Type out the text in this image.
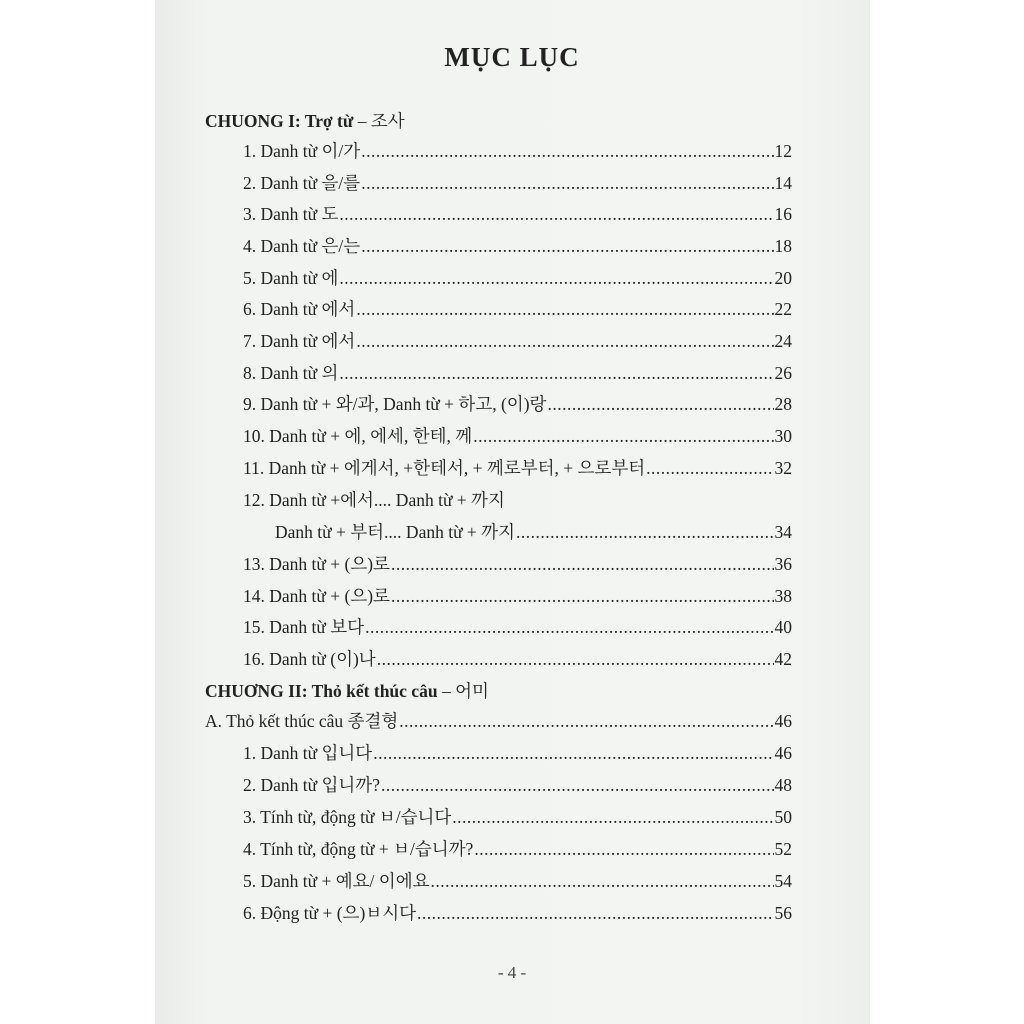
MỤC LỤC
CHUONG I: Trợ từ
– 조사
1. Danh từ 이/가 .....	12
2. Danh từ 을/를 .....	14
3. Danh từ 도 .....	16
4. Danh từ 은/는 .....	18
5. Danh từ 에 .....	20
6. Danh từ 에서 .....	22
7. Danh từ 에서 .....	24
8. Danh từ 의 .....	26
9. Danh từ + 와/과, Danh từ + 하고, (이)랑 .....	28
10. Danh từ + 에, 에세, 한테, 께 .....	30
11. Danh từ + 에게서, +한테서, + 께로부터, + 으로부터 .....	32
12. Danh từ +에서.... Danh từ + 까지
Danh từ + 부터.... Danh từ + 까지 .....	34
13. Danh từ + (으)로 .....	36
14. Danh từ + (으)로 .....	38
15. Danh từ 보다 .....	40
16. Danh từ (이)나 .....	42
A. Thỏ kết thúc câu 종결형 .....	46
1. Danh từ 입니다 .....	46
2. Danh từ 입니까? .....	48
3. Tính từ, động từ ㅂ/습니다 .....	50
4. Tính từ, động từ + ㅂ/습니까? .....	52
5. Danh từ + 예요/ 이에요 .....	54
6. Động từ + (으)ㅂ시다 .....	56
CHUƠNG II: Thỏ kết thúc câu
– 어미
- 4 -
